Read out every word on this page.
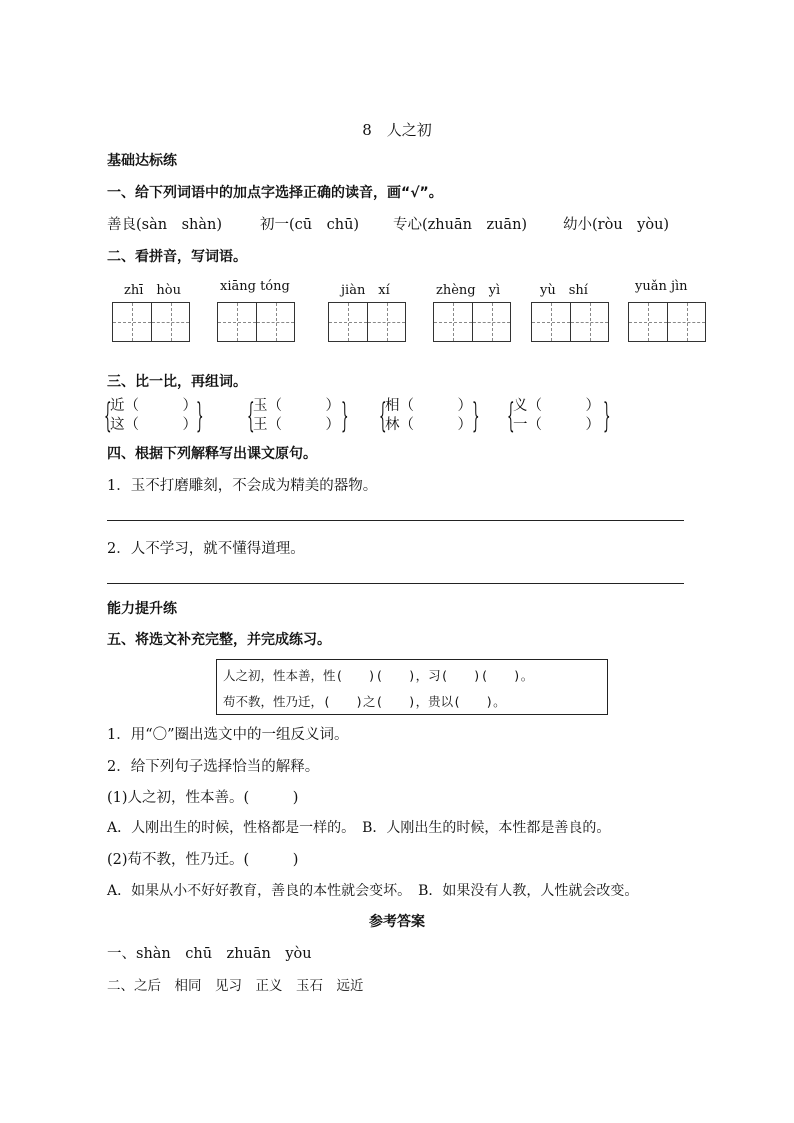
8　人之初
基础达标练
一、给下列词语中的加点字选择正确的读音，画“√”。
善良(sàn　shàn)	初一(cū　chū) 专心(zhuān　zuān) 幼小(ròu　yòu)
二、看拼音，写词语。
zhī　hòu	xiāng tóng	jiàn　xí	zhèng　yì	yù　shí	yuǎn jìn
三、比一比，再组词。
{
近（　　　）
这（　　　） } {
玉（　　　）
王（　　　） } {
相（　　　）
林（　　　） } {
义（　　　）
一（　　　） }
四、根据下列解释写出课文原句。
1．玉不打磨雕刻，不会成为精美的器物。
2．人不学习，就不懂得道理。
能力提升练
五、将选文补充完整，并完成练习。
人之初，性本善，性(　　)(　　)，习(　　)(　　)。
苟不教，性乃迁，(　　)之(　　)，贵以(　　)。
1．用“〇”圈出选文中的一组反义词。
2．给下列句子选择恰当的解释。
(1)人之初，性本善。(　　　)
A．人刚出生的时候，性格都是一样的。　B．人刚出生的时候，本性都是善良的。
(2)苟不教，性乃迁。(　　　)
A．如果从小不好好教育，善良的本性就会变坏。　B．如果没有人教，人性就会改变。
参考答案
一、shàn　chū　zhuān　yòu
二、之后　相同　见习　正义　玉石　远近
